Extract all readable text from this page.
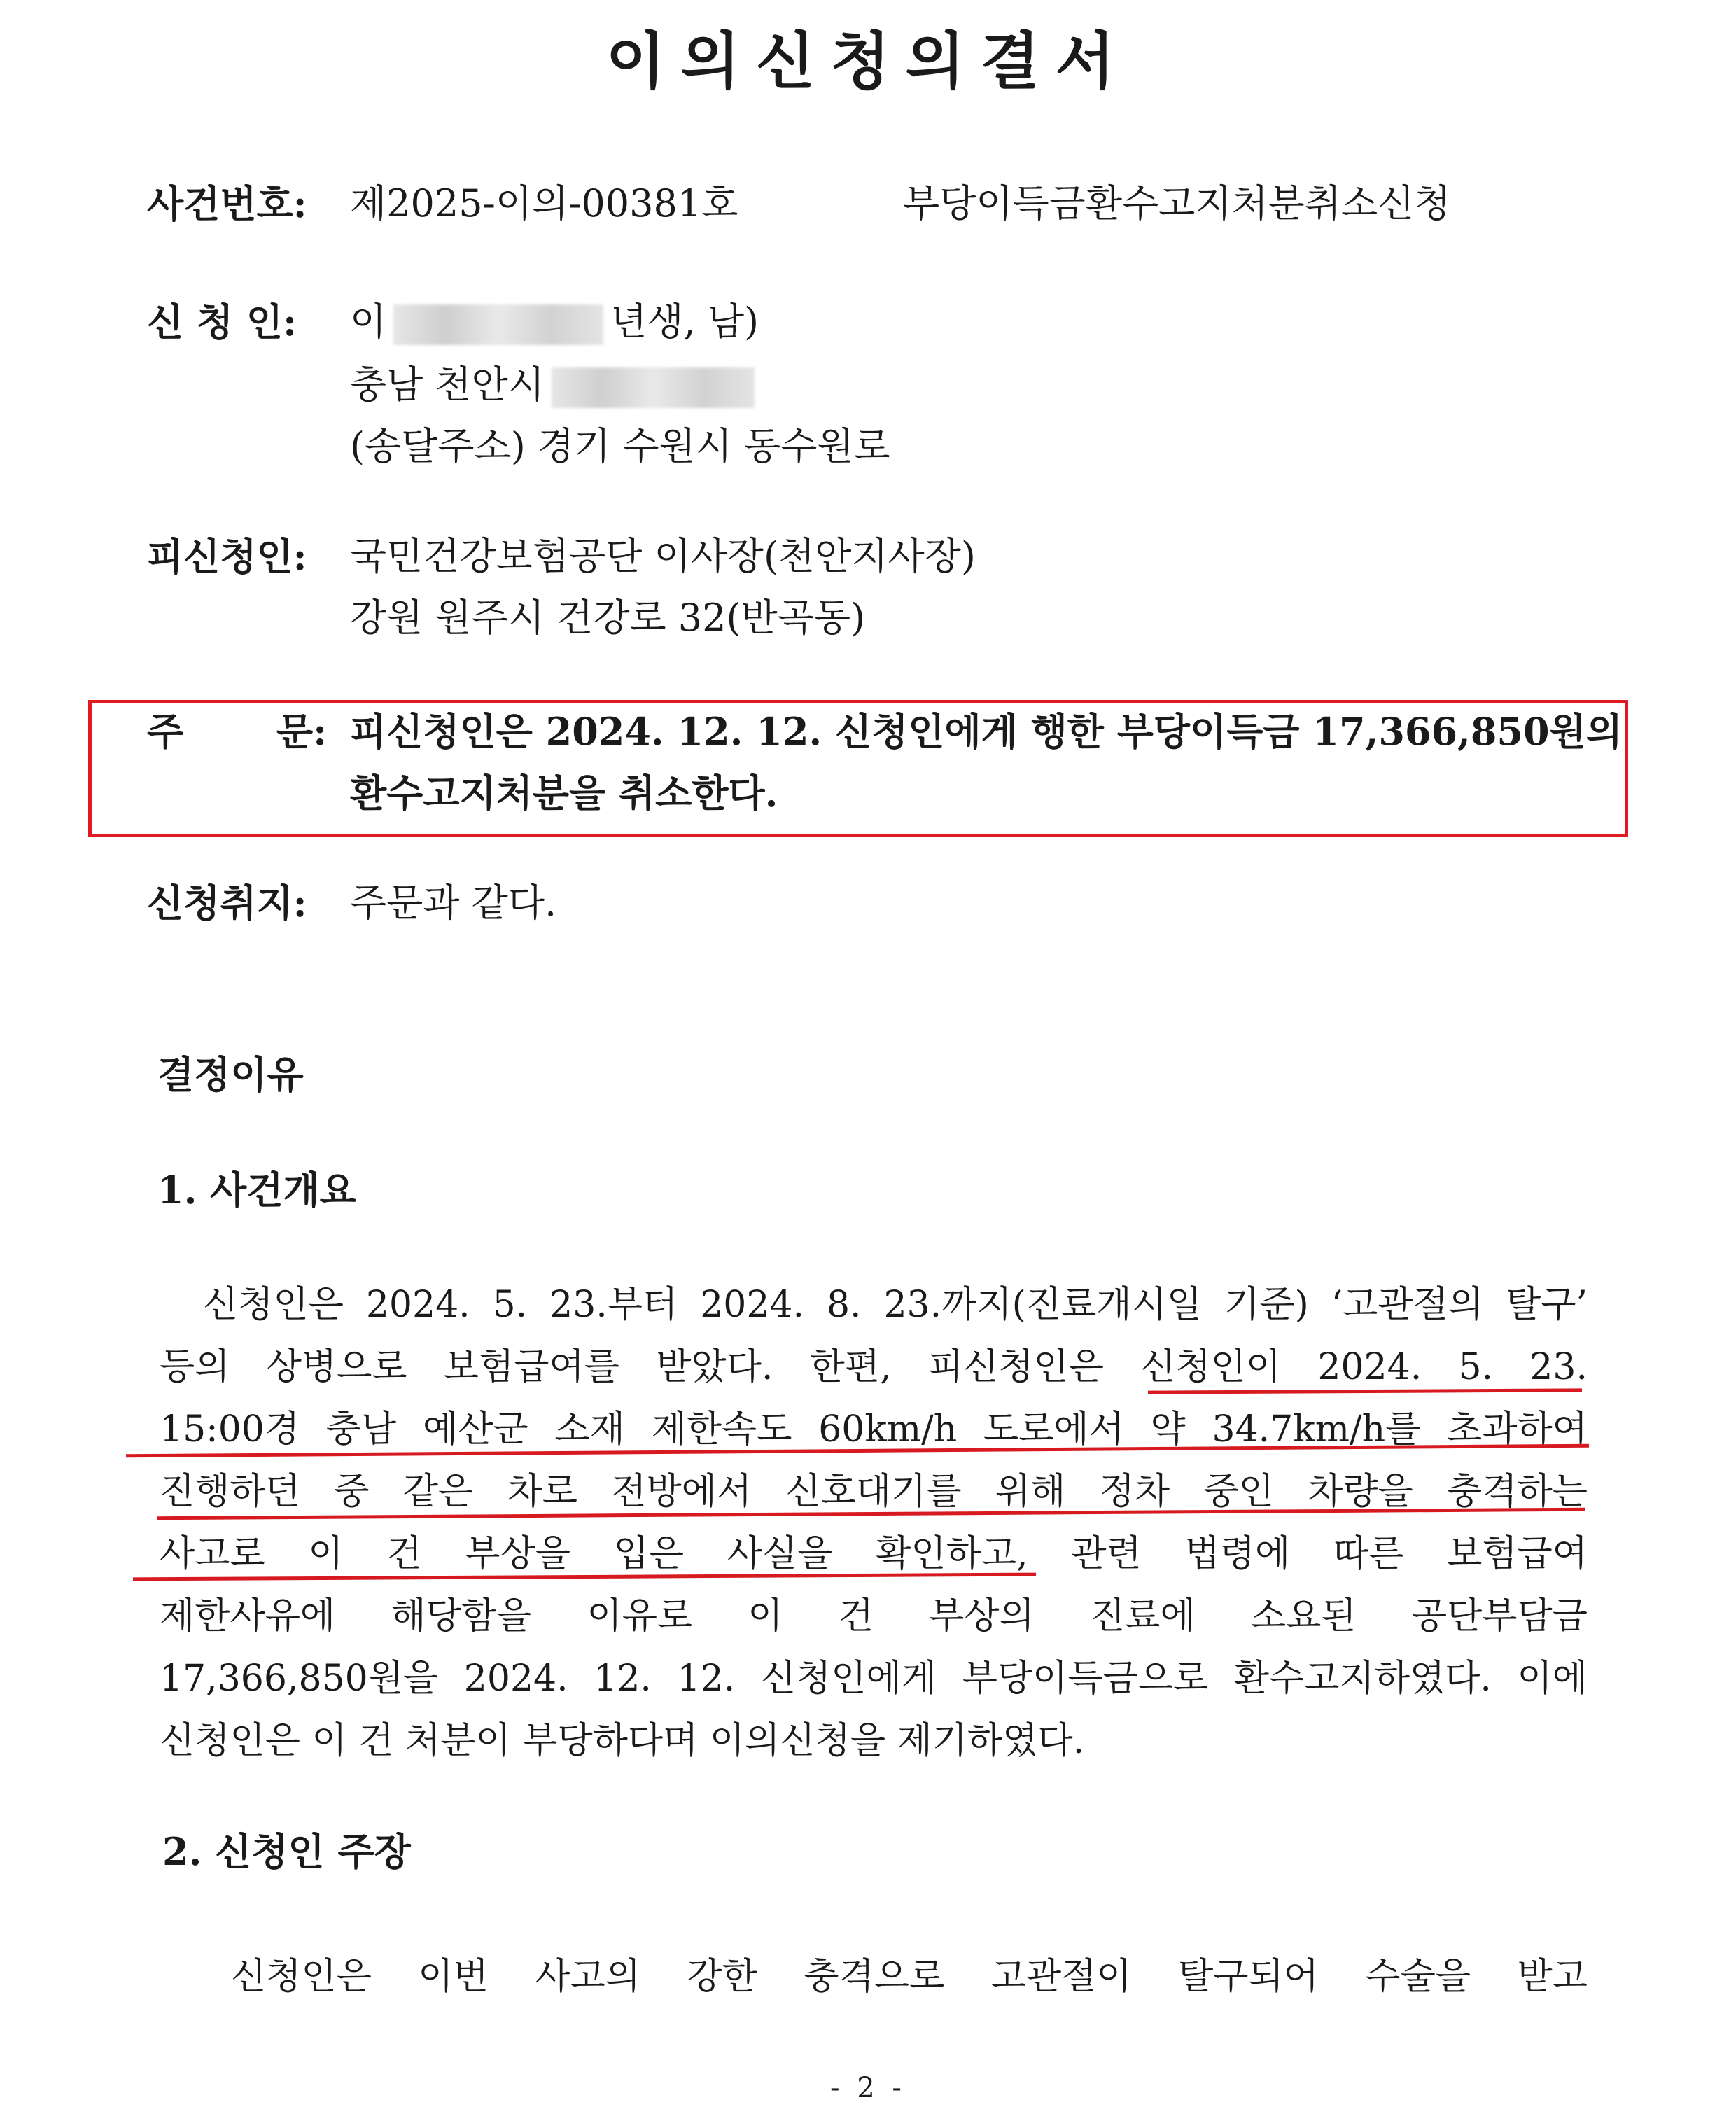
이의신청의결서
사건번호: 제2025-이의-00381호	부당이득금환수고지처분취소신청
신 청 인: 이	년생, 남)
충남 천안시
(송달주소) 경기 수원시 동수원로
피신청인: 국민건강보험공단 이사장(천안지사장)
강원 원주시 건강로 32(반곡동)
주 문: 피신청인은 2024. 12. 12. 신청인에게 행한 부당이득금 17,366,850원의
환수고지처분을 취소한다.
신청취지: 주문과 같다.
결정이유
1. 사건개요
신청인은 2024. 5. 23.부터 2024. 8. 23.까지(진료개시일 기준) ‘고관절의 탈구’
등의 상병으로 보험급여를 받았다. 한편, 피신청인은 신청인이 2024. 5. 23.
15:00경 충남 예산군 소재 제한속도 60km/h 도로에서 약 34.7km/h를 초과하여
진행하던 중 같은 차로 전방에서 신호대기를 위해 정차 중인 차량을 충격하는
사고로 이 건 부상을 입은 사실을 확인하고, 관련 법령에 따른 보험급여
제한사유에 해당함을 이유로 이 건 부상의 진료에 소요된 공단부담금
17,366,850원을 2024. 12. 12. 신청인에게 부당이득금으로 환수고지하였다. 이에
신청인은 이 건 처분이 부당하다며 이의신청을 제기하였다.
2. 신청인 주장
신청인은 이번 사고의 강한 충격으로 고관절이 탈구되어 수술을 받고
- 2 -
